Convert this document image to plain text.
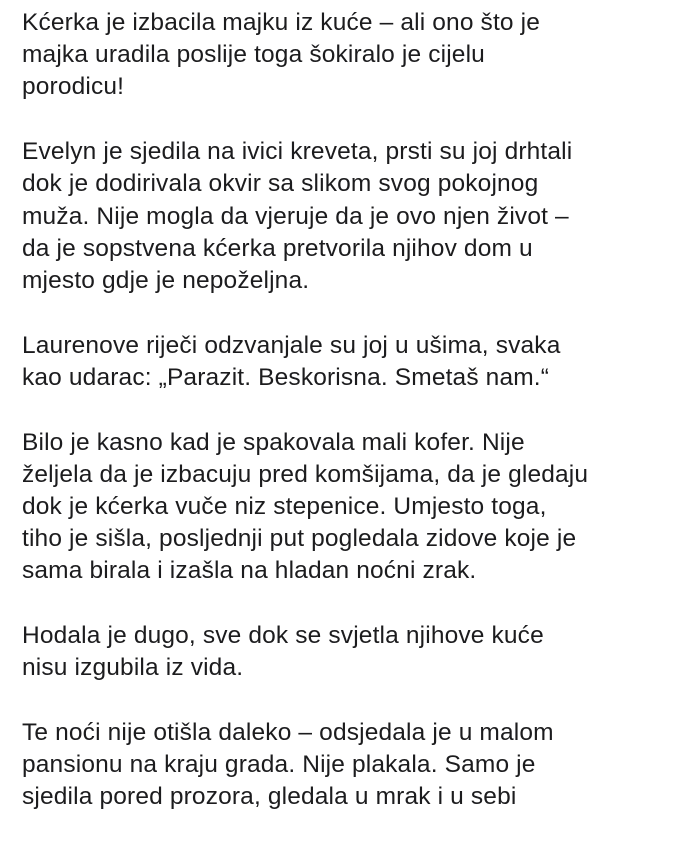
Kćerka je izbacila majku iz kuće – ali ono što je
majka uradila poslije toga šokiralo je cijelu
porodicu!

Evelyn je sjedila na ivici kreveta, prsti su joj drhtali
dok je dodirivala okvir sa slikom svog pokojnog
muža. Nije mogla da vjeruje da je ovo njen život –
da je sopstvena kćerka pretvorila njihov dom u
mjesto gdje je nepoželjna.

Laurenove riječi odzvanjale su joj u ušima, svaka
kao udarac: „Parazit. Beskorisna. Smetaš nam.“

Bilo je kasno kad je spakovala mali kofer. Nije
željela da je izbacuju pred komšijama, da je gledaju
dok je kćerka vuče niz stepenice. Umjesto toga,
tiho je sišla, posljednji put pogledala zidove koje je
sama birala i izašla na hladan noćni zrak.

Hodala je dugo, sve dok se svjetla njihove kuće
nisu izgubila iz vida.

Te noći nije otišla daleko – odsjedala je u malom
pansionu na kraju grada. Nije plakala. Samo je
sjedila pored prozora, gledala u mrak i u sebi
